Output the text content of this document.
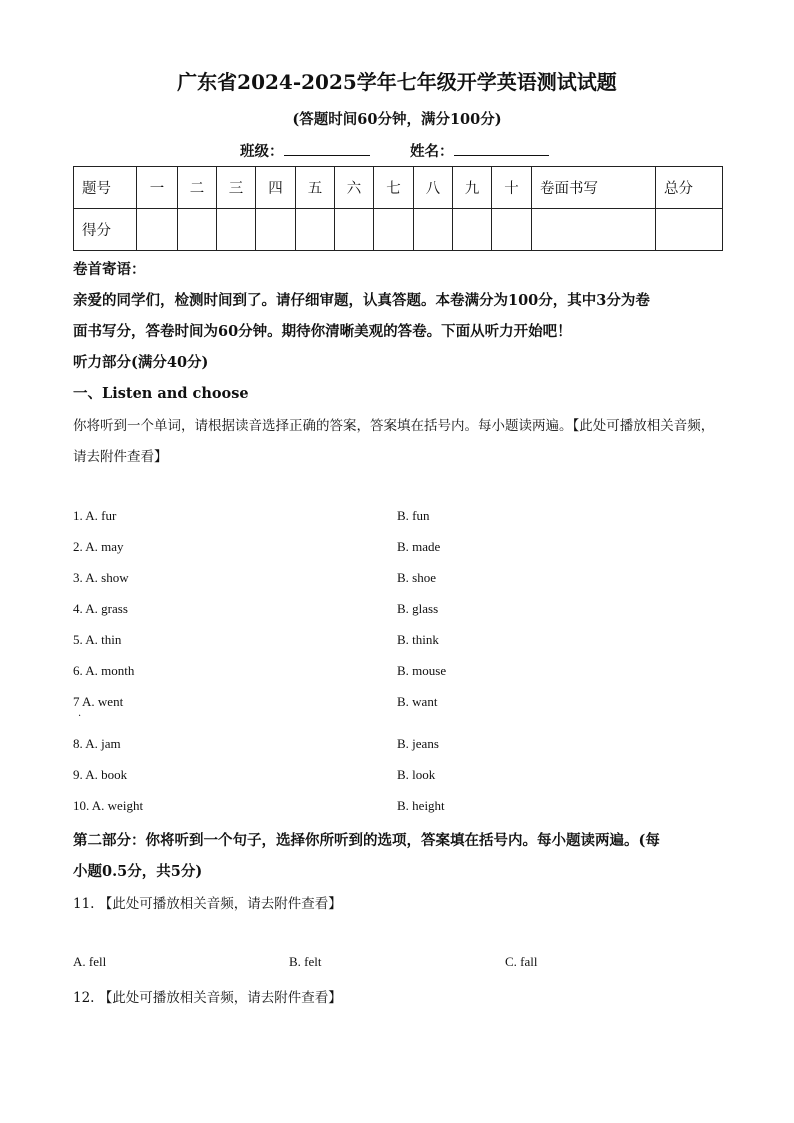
广东省2024-2025学年七年级开学英语测试试题
(答题时间60分钟，满分100分)
班级：	姓名：
题号	一	二	三	四	五	六	七	八	九	十	卷面书写	总分
得分												
卷首寄语：
亲爱的同学们，检测时间到了。请仔细审题，认真答题。本卷满分为100分，其中3分为卷
面书写分，答卷时间为60分钟。期待你清晰美观的答卷。下面从听力开始吧！
听力部分(满分40分)
一、Listen and choose
你将听到一个单词，请根据读音选择正确的答案，答案填在括号内。每小题读两遍。【此处可播放相关音频，
请去附件查看】
1. A. fur	B. fun
2. A. may	B. made
3. A. show	B. shoe
4. A. grass	B. glass
5. A. thin	B. think
6. A. month	B. mouse
7 A. went	B. want
.
8. A. jam	B. jeans
9. A. book	B. look
10. A. weight	B. height
第二部分：你将听到一个句子，选择你所听到的选项，答案填在括号内。每小题读两遍。(每
小题0.5分，共5分)
11. 【此处可播放相关音频，请去附件查看】
A. fell	B. felt	C. fall
12. 【此处可播放相关音频，请去附件查看】
